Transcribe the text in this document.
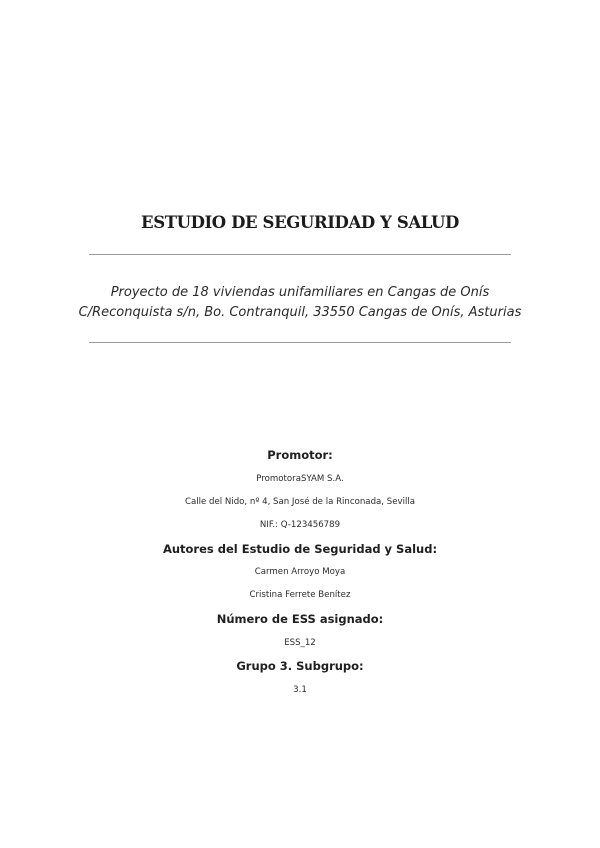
ESTUDIO DE SEGURIDAD Y SALUD
Proyecto de 18 viviendas unifamiliares en Cangas de Onís
C/Reconquista s/n, Bo. Contranquil, 33550 Cangas de Onís, Asturias
Promotor:
PromotoraSYAM S.A.
Calle del Nido, nº 4, San José de la Rinconada, Sevilla
NIF.: Q-123456789
Autores del Estudio de Seguridad y Salud:
Carmen Arroyo Moya
Cristina Ferrete Benítez
Número de ESS asignado:
ESS_12
Grupo 3. Subgrupo:
3.1
